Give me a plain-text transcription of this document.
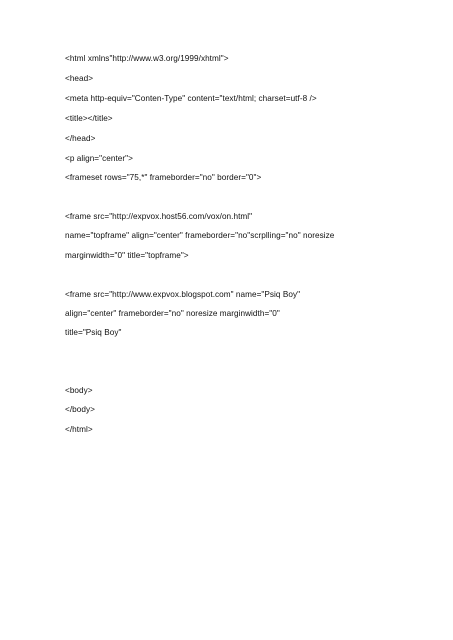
<html xmlns"http://www.w3.org/1999/xhtml">
<head>
<meta http-equiv="Conten-Type" content="text/html; charset=utf-8 />
<title></title>
</head>
<p align="center">
<frameset rows="75,*" frameborder="no" border="0">
<frame src="http://expvox.host56.com/vox/on.html"
name="topframe" align="center" frameborder="no"scrplling="no" noresize
marginwidth="0" title="topframe">
<frame src="http://www.expvox.blogspot.com" name="Psiq Boy"
align="center" frameborder="no" noresize marginwidth="0"
title="Psiq Boy"
<body>
</body>
</html>
